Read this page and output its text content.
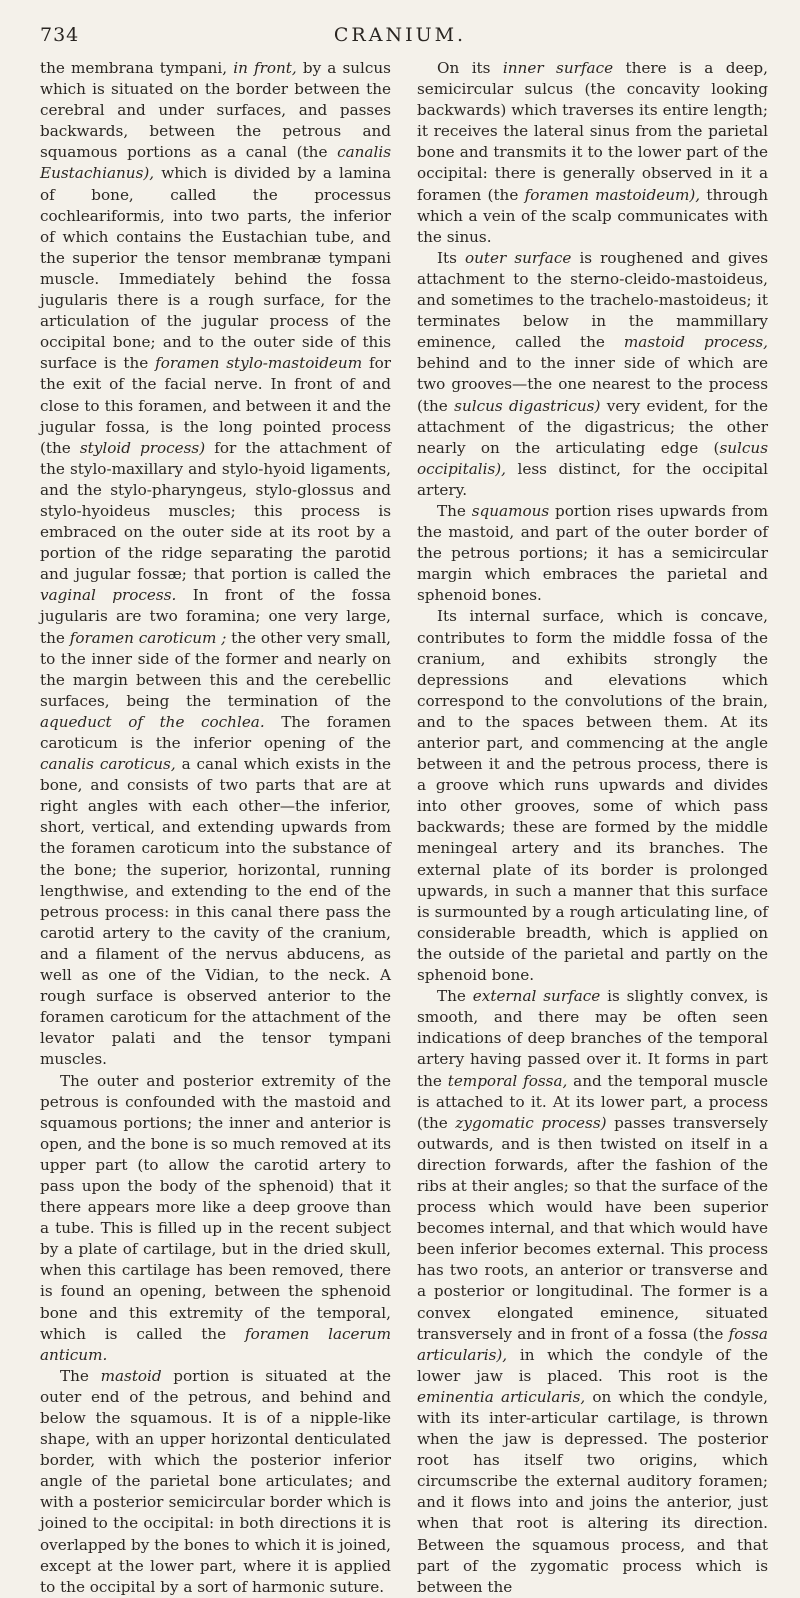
734	CRANIUM.

the membrana tympani, in front, by a sulcus which is situated on the border between the cerebral and under surfaces, and passes backwards, between the petrous and squamous portions as a canal (the canalis Eustachianus), which is divided by a lamina of bone, called the processus cochleariformis, into two parts, the inferior of which contains the Eustachian tube, and the superior the tensor membranæ tympani muscle. Immediately behind the fossa jugularis there is a rough surface, for the articulation of the jugular process of the occipital bone; and to the outer side of this surface is the foramen stylo-mastoideum for the exit of the facial nerve. In front of and close to this foramen, and between it and the jugular fossa, is the long pointed process (the styloid process) for the attachment of the stylo-maxillary and stylo-hyoid ligaments, and the stylo-pharyngeus, stylo-glossus and stylo-hyoideus muscles; this process is embraced on the outer side at its root by a portion of the ridge separating the parotid and jugular fossæ; that portion is called the vaginal process. In front of the fossa jugularis are two foramina; one very large, the foramen caroticum ; the other very small, to the inner side of the former and nearly on the margin between this and the cerebellic surfaces, being the termination of the aqueduct of the cochlea. The foramen caroticum is the inferior opening of the canalis caroticus, a canal which exists in the bone, and consists of two parts that are at right angles with each other—the inferior, short, vertical, and extending upwards from the foramen caroticum into the substance of the bone; the superior, horizontal, running lengthwise, and extending to the end of the petrous process: in this canal there pass the carotid artery to the cavity of the cranium, and a filament of the nervus abducens, as well as one of the Vidian, to the neck. A rough surface is observed anterior to the foramen caroticum for the attachment of the levator palati and the tensor tympani muscles.

The outer and posterior extremity of the petrous is confounded with the mastoid and squamous portions; the inner and anterior is open, and the bone is so much removed at its upper part (to allow the carotid artery to pass upon the body of the sphenoid) that it there appears more like a deep groove than a tube. This is filled up in the recent subject by a plate of cartilage, but in the dried skull, when this cartilage has been removed, there is found an opening, between the sphenoid bone and this extremity of the temporal, which is called the foramen lacerum anticum.

The mastoid portion is situated at the outer end of the petrous, and behind and below the squamous. It is of a nipple-like shape, with an upper horizontal denticulated border, with which the posterior inferior angle of the parietal bone articulates; and with a posterior semicircular border which is joined to the occipital: in both directions it is overlapped by the bones to which it is joined, except at the lower part, where it is applied to the occipital by a sort of harmonic suture.

On its inner surface there is a deep, semicircular sulcus (the concavity looking backwards) which traverses its entire length; it receives the lateral sinus from the parietal bone and transmits it to the lower part of the occipital: there is generally observed in it a foramen (the foramen mastoideum), through which a vein of the scalp communicates with the sinus.

Its outer surface is roughened and gives attachment to the sterno-cleido-mastoideus, and sometimes to the trachelo-mastoideus; it terminates below in the mammillary eminence, called the mastoid process, behind and to the inner side of which are two grooves—the one nearest to the process (the sulcus digastricus) very evident, for the attachment of the digastricus; the other nearly on the articulating edge (sulcus occipitalis), less distinct, for the occipital artery.

The squamous portion rises upwards from the mastoid, and part of the outer border of the petrous portions; it has a semicircular margin which embraces the parietal and sphenoid bones.

Its internal surface, which is concave, contributes to form the middle fossa of the cranium, and exhibits strongly the depressions and elevations which correspond to the convolutions of the brain, and to the spaces between them. At its anterior part, and commencing at the angle between it and the petrous process, there is a groove which runs upwards and divides into other grooves, some of which pass backwards; these are formed by the middle meningeal artery and its branches. The external plate of its border is prolonged upwards, in such a manner that this surface is surmounted by a rough articulating line, of considerable breadth, which is applied on the outside of the parietal and partly on the sphenoid bone.

The external surface is slightly convex, is smooth, and there may be often seen indications of deep branches of the temporal artery having passed over it. It forms in part the temporal fossa, and the temporal muscle is attached to it. At its lower part, a process (the zygomatic process) passes transversely outwards, and is then twisted on itself in a direction forwards, after the fashion of the ribs at their angles; so that the surface of the process which would have been superior becomes internal, and that which would have been inferior becomes external. This process has two roots, an anterior or transverse and a posterior or longitudinal. The former is a convex elongated eminence, situated transversely and in front of a fossa (the fossa articularis), in which the condyle of the lower jaw is placed. This root is the eminentia articularis, on which the condyle, with its inter-articular cartilage, is thrown when the jaw is depressed. The posterior root has itself two origins, which circumscribe the external auditory foramen; and it flows into and joins the anterior, just when that root is altering its direction. Between the squamous process, and that part of the zygomatic process which is between the
